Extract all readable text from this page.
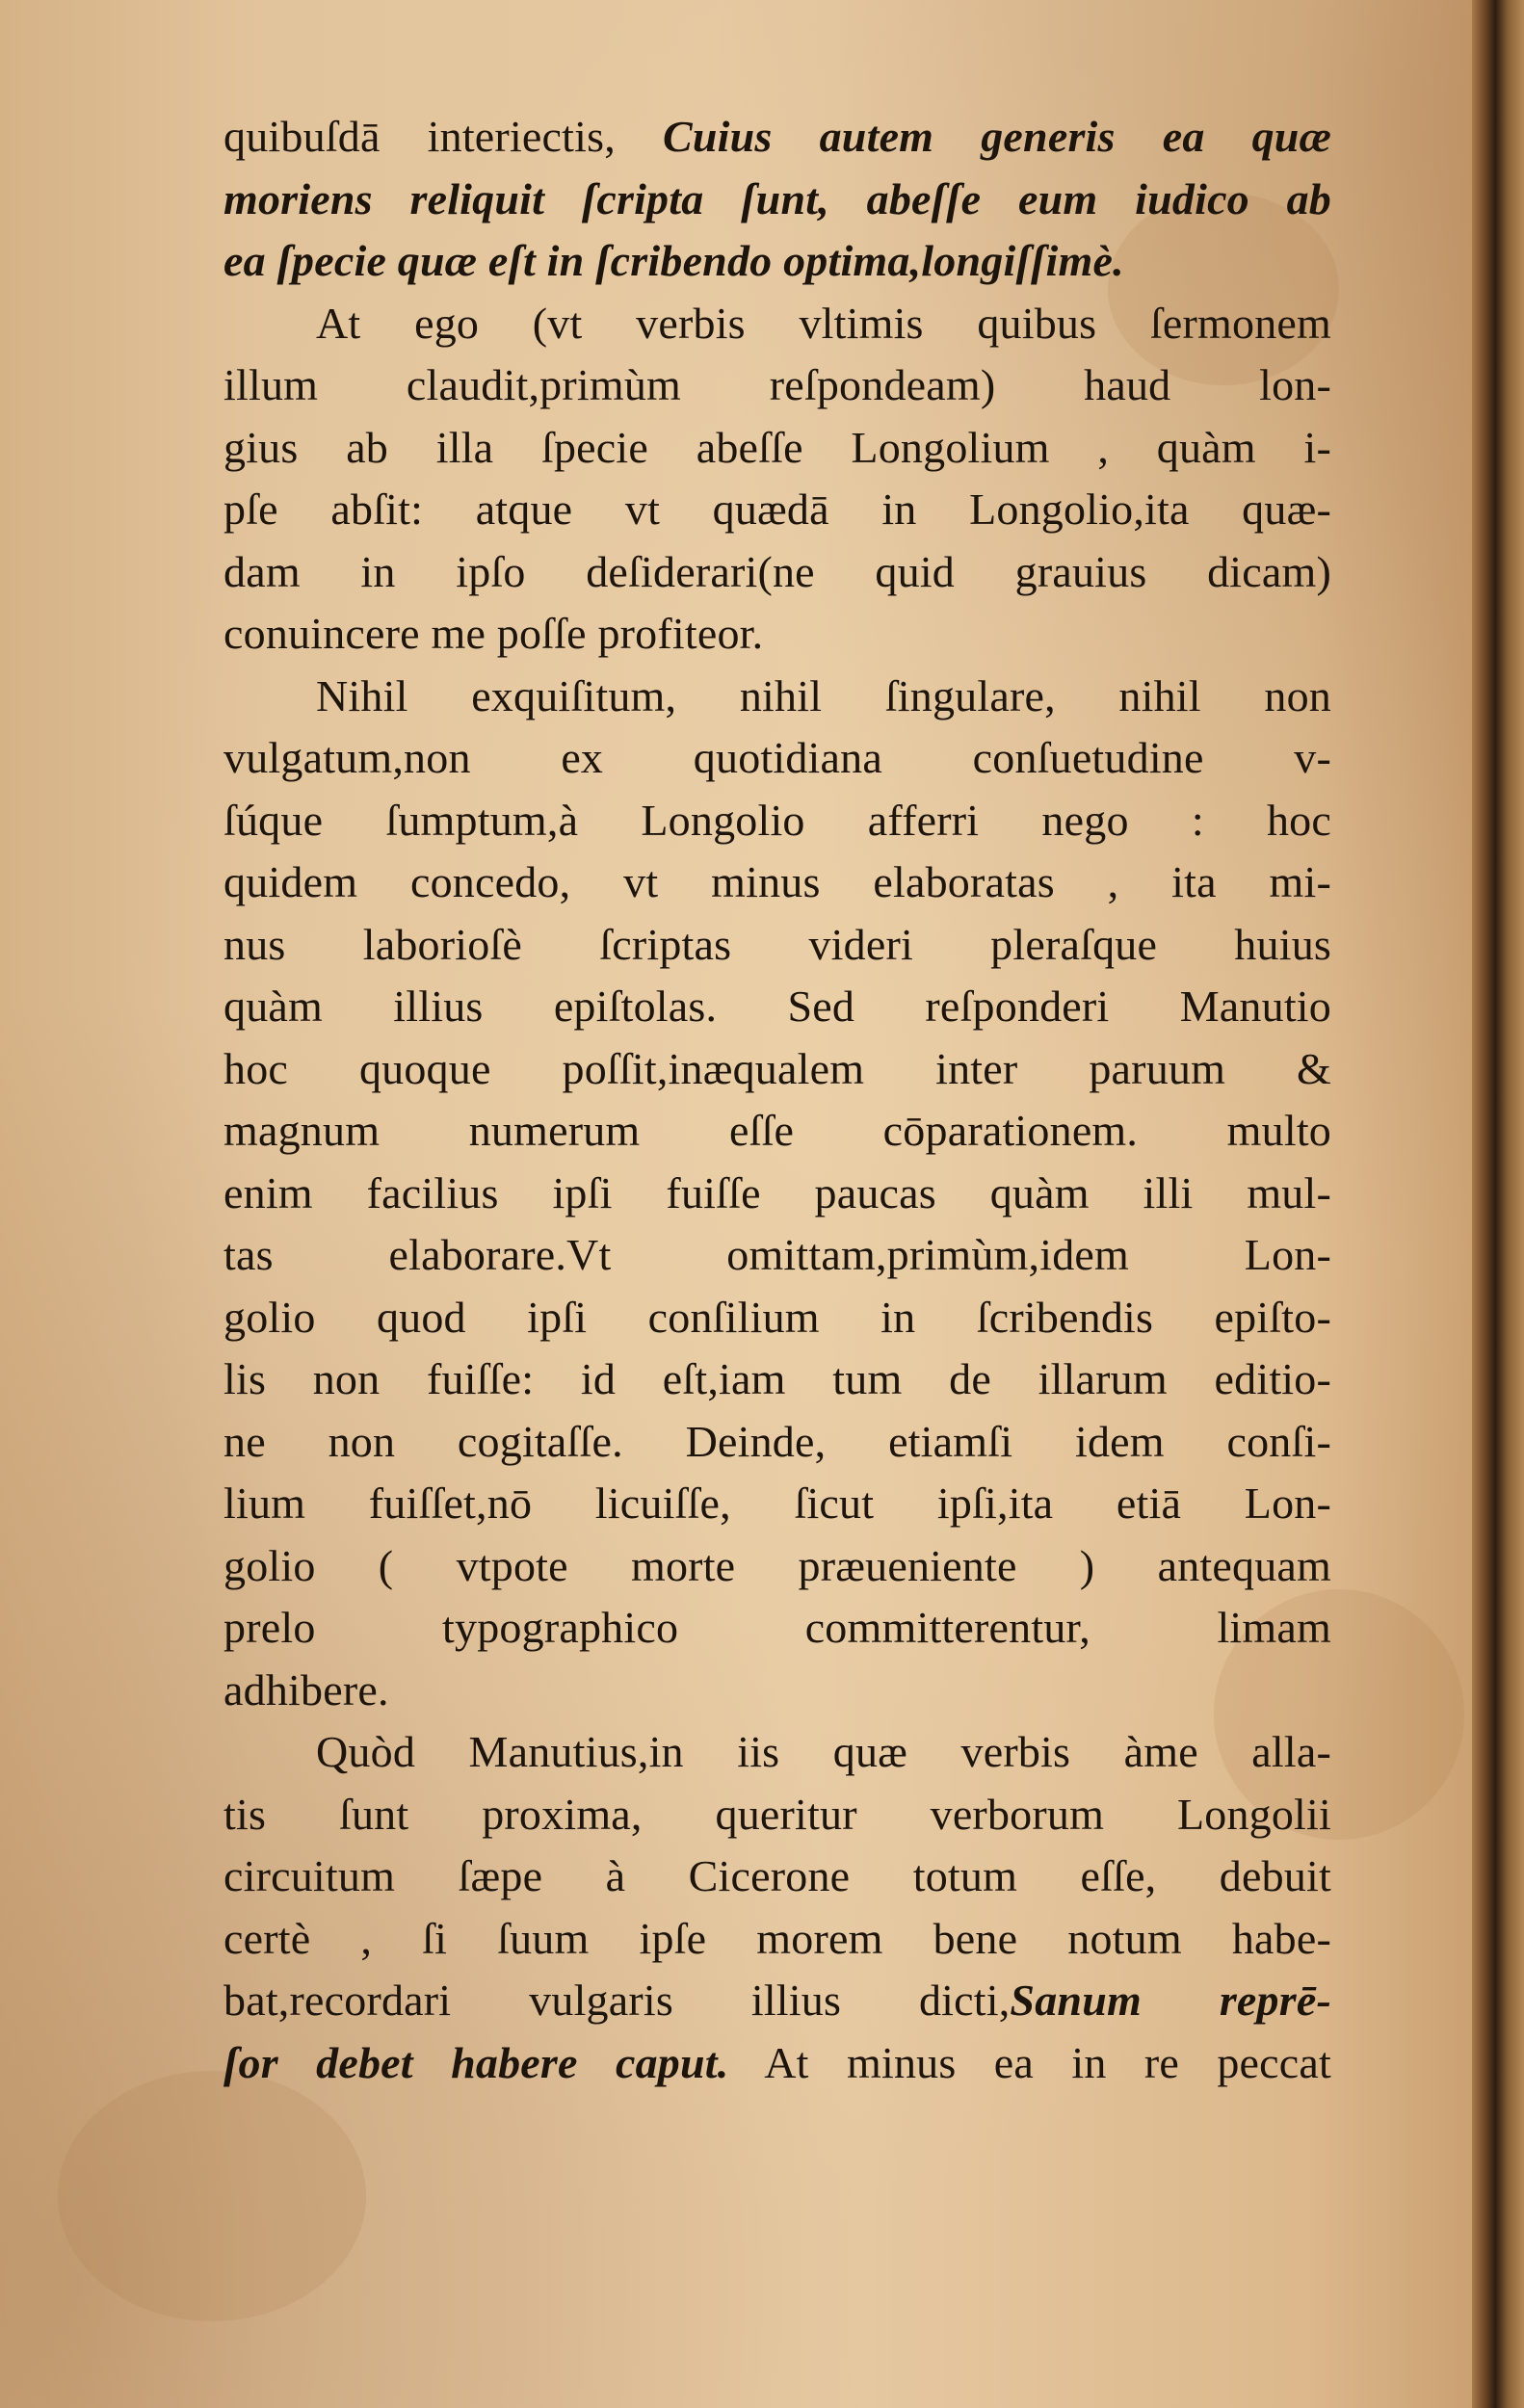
quibuſdā interiectis, Cuius autem generis ea quæ
moriens reliquit ſcripta ſunt, abeſſe eum iudico ab
ea ſpecie quæ eſt in ſcribendo optima,longiſſimè.
At ego (vt verbis vltimis quibus ſermonem
illum claudit,primùm reſpondeam) haud lon-
gius ab illa ſpecie abeſſe Longolium , quàm i-
pſe abſit: atque vt quædā in Longolio,ita quæ-
dam in ipſo deſiderari(ne quid grauius dicam)
conuincere me poſſe profiteor.
Nihil exquiſitum, nihil ſingulare, nihil non
vulgatum,non ex quotidiana conſuetudine v-
ſúque ſumptum,à Longolio afferri nego : hoc
quidem concedo, vt minus elaboratas , ita mi-
nus laborioſè ſcriptas videri pleraſque huius
quàm illius epiſtolas. Sed reſponderi Manutio
hoc quoque poſſit,inæqualem inter paruum &
magnum numerum eſſe cōparationem. multo
enim facilius ipſi fuiſſe paucas quàm illi mul-
tas elaborare.Vt omittam,primùm,idem Lon-
golio quod ipſi conſilium in ſcribendis epiſto-
lis non fuiſſe: id eſt,iam tum de illarum editio-
ne non cogitaſſe. Deinde, etiamſi idem conſi-
lium fuiſſet,nō licuiſſe, ſicut ipſi,ita etiā Lon-
golio ( vtpote morte præueniente ) antequam
prelo typographico committerentur, limam
adhibere.
Quòd Manutius,in iis quæ verbis àme alla-
tis ſunt proxima, queritur verborum Longolii
circuitum ſæpe à Cicerone totum eſſe, debuit
certè , ſi ſuum ipſe morem bene notum habe-
bat,recordari vulgaris illius dicti,Sanum reprē-
ſor debet habere caput. At minus ea in re peccat
